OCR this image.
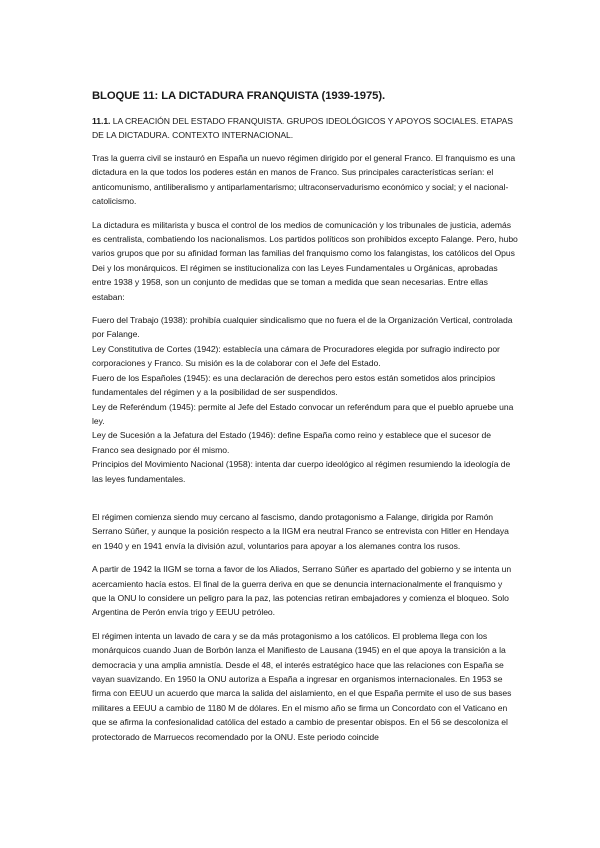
BLOQUE 11: LA DICTADURA FRANQUISTA (1939-1975).
11.1. LA CREACIÓN DEL ESTADO FRANQUISTA. GRUPOS IDEOLÓGICOS Y APOYOS SOCIALES. ETAPAS DE LA DICTADURA. CONTEXTO INTERNACIONAL.

Tras la guerra civil se instauró en España un nuevo régimen dirigido por el general Franco. El franquismo es una dictadura en la que todos los poderes están en manos de Franco. Sus principales características serían: el anticomunismo, antiliberalismo y antiparlamentarismo; ultraconservadurismo económico y social; y el nacional-catolicismo.

La dictadura es militarista y busca el control de los medios de comunicación y los tribunales de justicia, además es centralista, combatiendo los nacionalismos. Los partidos políticos son prohibidos excepto Falange. Pero, hubo varios grupos que por su afinidad forman las familias del franquismo como los falangistas, los católicos del Opus Dei y los monárquicos. El régimen se institucionaliza con las Leyes Fundamentales u Orgánicas, aprobadas entre 1938 y 1958, son un conjunto de medidas que se toman a medida que sean necesarias. Entre ellas estaban:

Fuero del Trabajo (1938): prohibía cualquier sindicalismo que no fuera el de la Organización Vertical, controlada por Falange.
Ley Constitutiva de Cortes (1942): establecía una cámara de Procuradores elegida por sufragio indirecto por corporaciones y Franco. Su misión es la de colaborar con el Jefe del Estado.
Fuero de los Españoles (1945): es una declaración de derechos pero estos están sometidos alos principios fundamentales del régimen y a la posibilidad de ser suspendidos.
Ley de Referéndum (1945): permite al Jefe del Estado convocar un referéndum para que el pueblo apruebe una ley.
Ley de Sucesión a la Jefatura del Estado (1946): define España como reino y establece que el sucesor de Franco sea designado por él mismo.
Principios del Movimiento Nacional (1958): intenta dar cuerpo ideológico al régimen resumiendo la ideología de las leyes fundamentales.

El régimen comienza siendo muy cercano al fascismo, dando protagonismo a Falange, dirigida por Ramón Serrano Súñer, y aunque la posición respecto a la IIGM era neutral Franco se entrevista con Hitler en Hendaya en 1940 y en 1941 envía la división azul, voluntarios para apoyar a los alemanes contra los rusos.

A partir de 1942 la IIGM se torna a favor de los Aliados, Serrano Súñer es apartado del gobierno y se intenta un acercamiento hacía estos. El final de la guerra deriva en que se denuncia internacionalmente el franquismo y que la ONU lo considere un peligro para la paz, las potencias retiran embajadores y comienza el bloqueo. Solo Argentina de Perón envía trigo y EEUU petróleo.

El régimen intenta un lavado de cara y se da más protagonismo a los católicos. El problema llega con los monárquicos cuando Juan de Borbón lanza el Manifiesto de Lausana (1945) en el que apoya la transición a la democracia y una amplia amnistía. Desde el 48, el interés estratégico hace que las relaciones con España se vayan suavizando. En 1950 la ONU autoriza a España a ingresar en organismos internacionales. En 1953 se firma con EEUU un acuerdo que marca la salida del aislamiento, en el que España permite el uso de sus bases militares a EEUU a cambio de 1180 M de dólares. En el mismo año se firma un Concordato con el Vaticano en que se afirma la confesionalidad católica del estado a cambio de presentar obispos. En el 56 se descoloniza el protectorado de Marruecos recomendado por la ONU. Este periodo coincide
